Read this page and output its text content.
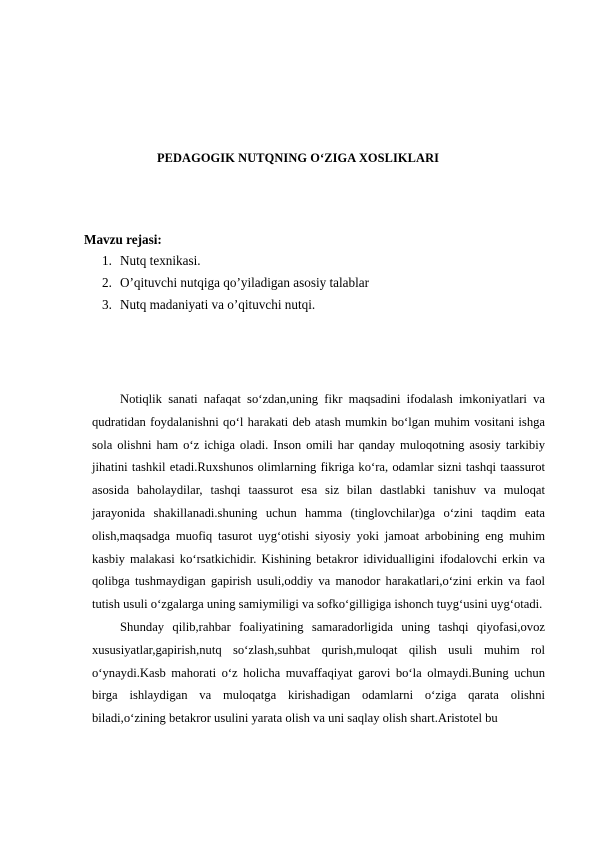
PEDAGOGIK NUTQNING O‘ZIGA XOSLIKLARI
Mavzu rejasi:
1. Nutq texnikasi.
2. O’qituvchi nutqiga qo’yiladigan asosiy talablar
3. Nutq madaniyati va o’qituvchi nutqi.

Notiqlik sanati nafaqat so‘zdan,uning fikr maqsadini ifodalash imkoniyatlari va qudratidan foydalanishni qo‘l harakati deb atash mumkin bo‘lgan muhim vositani ishga sola olishni ham o‘z ichiga oladi. Inson omili har qanday muloqotning asosiy tarkibiy jihatini tashkil etadi.Ruxshunos olimlarning fikriga ko‘ra, odamlar sizni tashqi taassurot asosida baholaydilar, tashqi taassurot esa siz bilan dastlabki tanishuv va muloqat jarayonida shakillanadi.shuning uchun hamma (tinglovchilar)ga o‘zini taqdim eata olish,maqsadga muofiq tasurot uyg‘otishi siyosiy yoki jamoat arbobining eng muhim kasbiy malakasi ko‘rsatkichidir. Kishining betakror idividualligini ifodalovchi erkin va qolibga tushmaydigan gapirish usuli,oddiy va manodor harakatlari,o‘zini erkin va faol tutish usuli o‘zgalarga uning samiymiligi va sofko‘gilligiga ishonch tuyg‘usini uyg‘otadi.

Shunday qilib,rahbar foaliyatining samaradorligida uning tashqi qiyofasi,ovoz xususiyatlar,gapirish,nutq so‘zlash,suhbat qurish,muloqat qilish usuli muhim rol o‘ynaydi.Kasb mahorati o‘z holicha muvaffaqiyat garovi bo‘la olmaydi.Buning uchun birga ishlaydigan va muloqatga kirishadigan odamlarni o‘ziga qarata olishni biladi,o‘zining betakror usulini yarata olish va uni saqlay olish shart.Aristotel bu
